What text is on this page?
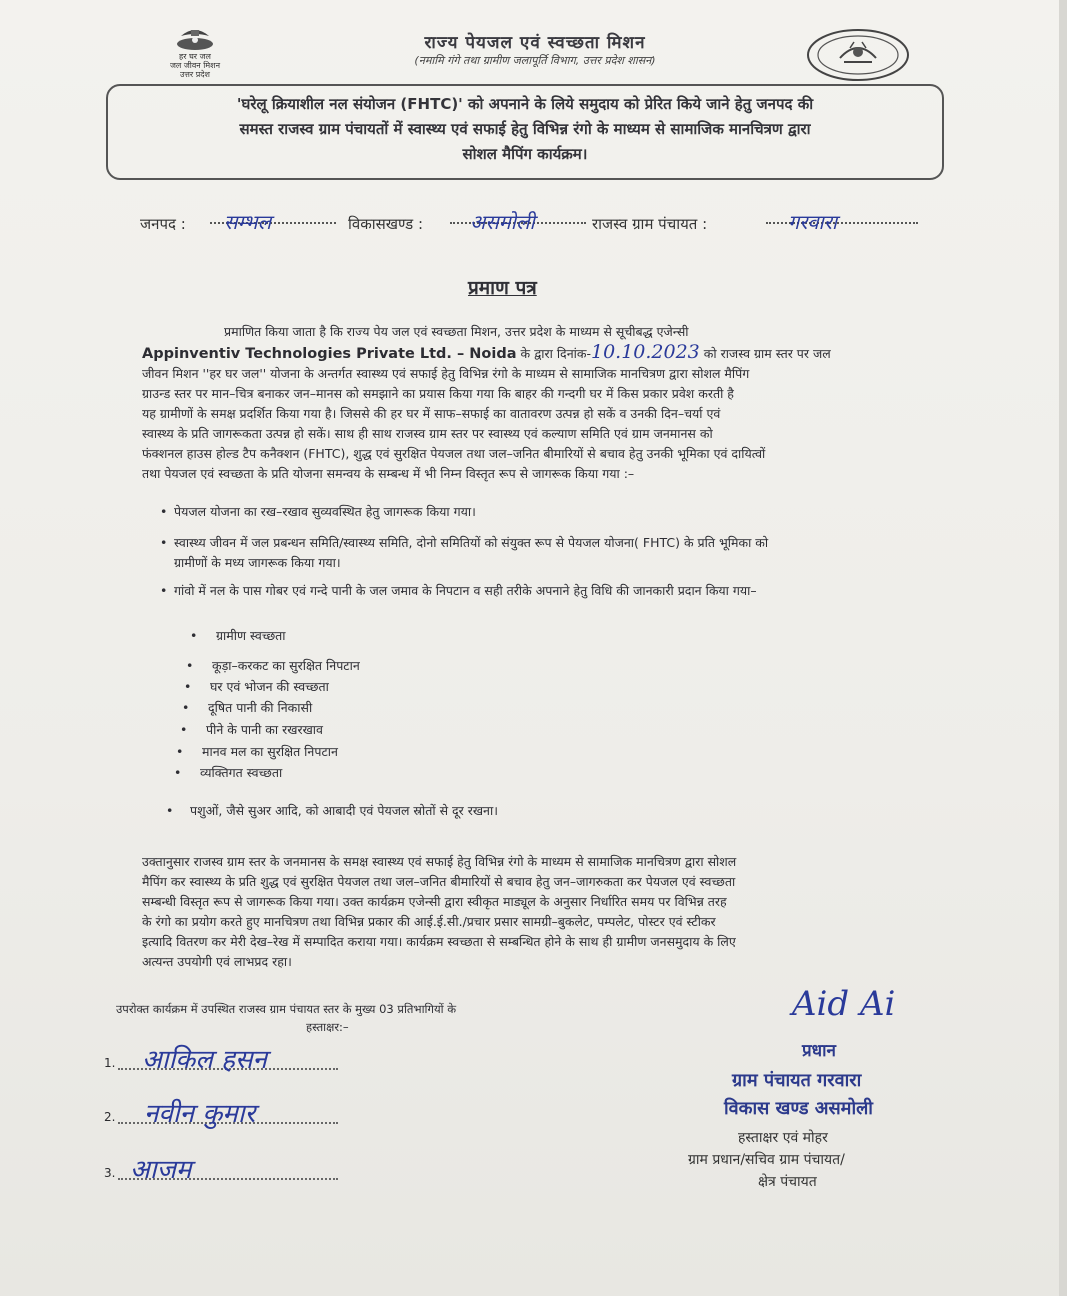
हर घर जल
जल जीवन मिशन
उत्तर प्रदेश
राज्य पेयजल एवं स्वच्छता मिशन
(नमामि गंगे तथा ग्रामीण जलापूर्ति विभाग, उत्तर प्रदेश शासन)
'घरेलू क्रियाशील नल संयोजन (FHTC)' को अपनाने के लिये समुदाय को प्रेरित किये जाने हेतु जनपद की
समस्त राजस्व ग्राम पंचायतों में स्वास्थ्य एवं सफाई हेतु विभिन्न रंगो के माध्यम से सामाजिक मानचित्रण द्वारा
सोशल मैपिंग कार्यक्रम।
जनपद : सम्भल	विकासखण्ड : असमोली	राजस्व ग्राम पंचायत :	गरवारा
प्रमाण पत्र
प्रमाणित किया जाता है कि राज्य पेय जल एवं स्वच्छता मिशन, उत्तर प्रदेश के माध्यम से सूचीबद्ध एजेन्सी
Appinventiv Technologies Private Ltd. – Noida के द्वारा दिनांक-10.10.2023 को राजस्व ग्राम स्तर पर जल
जीवन मिशन ''हर घर जल'' योजना के अन्तर्गत स्वास्थ्य एवं सफाई हेतु विभिन्न रंगो के माध्यम से सामाजिक मानचित्रण द्वारा सोशल मैपिंग
ग्राउन्ड स्तर पर मान–चित्र बनाकर जन–मानस को समझाने का प्रयास किया गया कि बाहर की गन्दगी घर में किस प्रकार प्रवेश करती है
यह ग्रामीणों के समक्ष प्रदर्शित किया गया है। जिससे की हर घर में साफ–सफाई का वातावरण उत्पन्न हो सकें व उनकी दिन–चर्या एवं
स्वास्थ्य के प्रति जागरूकता उत्पन्न हो सकें। साथ ही साथ राजस्व ग्राम स्तर पर स्वास्थ्य एवं कल्याण समिति एवं ग्राम जनमानस को
फंक्शनल हाउस होल्ड टैप कनैक्शन (FHTC), शुद्ध एवं सुरक्षित पेयजल तथा जल–जनित बीमारियों से बचाव हेतु उनकी भूमिका एवं दायित्वों
तथा पेयजल एवं स्वच्छता के प्रति योजना समन्वय के सम्बन्ध में भी निम्न विस्तृत रूप से जागरूक किया गया :–
• पेयजल योजना का रख–रखाव सुव्यवस्थित हेतु जागरूक किया गया।
• स्वास्थ्य जीवन में जल प्रबन्धन समिति/स्वास्थ्य समिति, दोनो समितियों को संयुक्त रूप से पेयजल योजना( FHTC) के प्रति भूमिका को
ग्रामीणों के मध्य जागरूक किया गया।
• गांवो में नल के पास गोबर एवं गन्दे पानी के जल जमाव के निपटान व सही तरीके अपनाने हेतु विधि की जानकारी प्रदान किया गया–
• ग्रामीण स्वच्छता
• कूड़ा–करकट का सुरक्षित निपटान
• घर एवं भोजन की स्वच्छता
• दूषित पानी की निकासी
• पीने के पानी का रखरखाव
• मानव मल का सुरक्षित निपटान
• व्यक्तिगत स्वच्छता
• पशुओं, जैसे सुअर आदि, को आबादी एवं पेयजल स्रोतों से दूर रखना।
उक्तानुसार राजस्व ग्राम स्तर के जनमानस के समक्ष स्वास्थ्य एवं सफाई हेतु विभिन्न रंगो के माध्यम से सामाजिक मानचित्रण द्वारा सोशल
मैपिंग कर स्वास्थ्य के प्रति शुद्ध एवं सुरक्षित पेयजल तथा जल–जनित बीमारियों से बचाव हेतु जन–जागरुकता कर पेयजल एवं स्वच्छता
सम्बन्धी विस्तृत रूप से जागरूक किया गया। उक्त कार्यक्रम एजेन्सी द्वारा स्वीकृत माड्यूल के अनुसार निर्धारित समय पर विभिन्न तरह
के रंगो का प्रयोग करते हुए मानचित्रण तथा विभिन्न प्रकार की आई.ई.सी./प्रचार प्रसार सामग्री–बुकलेट, पम्पलेट, पोस्टर एवं स्टीकर
इत्यादि वितरण कर मेरी देख–रेख में सम्पादित कराया गया। कार्यक्रम स्वच्छता से सम्बन्धित होने के साथ ही ग्रामीण जनसमुदाय के लिए
अत्यन्त उपयोगी एवं लाभप्रद रहा।
उपरोक्त कार्यक्रम में उपस्थित राजस्व ग्राम पंचायत स्तर के मुख्य 03 प्रतिभागियों के
हस्ताक्षर:–
1. आकिल हसन
2. नवीन कुमार
3. आजम
Aid Ai
प्रधान
ग्राम पंचायत गरवारा
विकास खण्ड असमोली
हस्ताक्षर एवं मोहर
ग्राम प्रधान/सचिव ग्राम पंचायत/
क्षेत्र पंचायत
